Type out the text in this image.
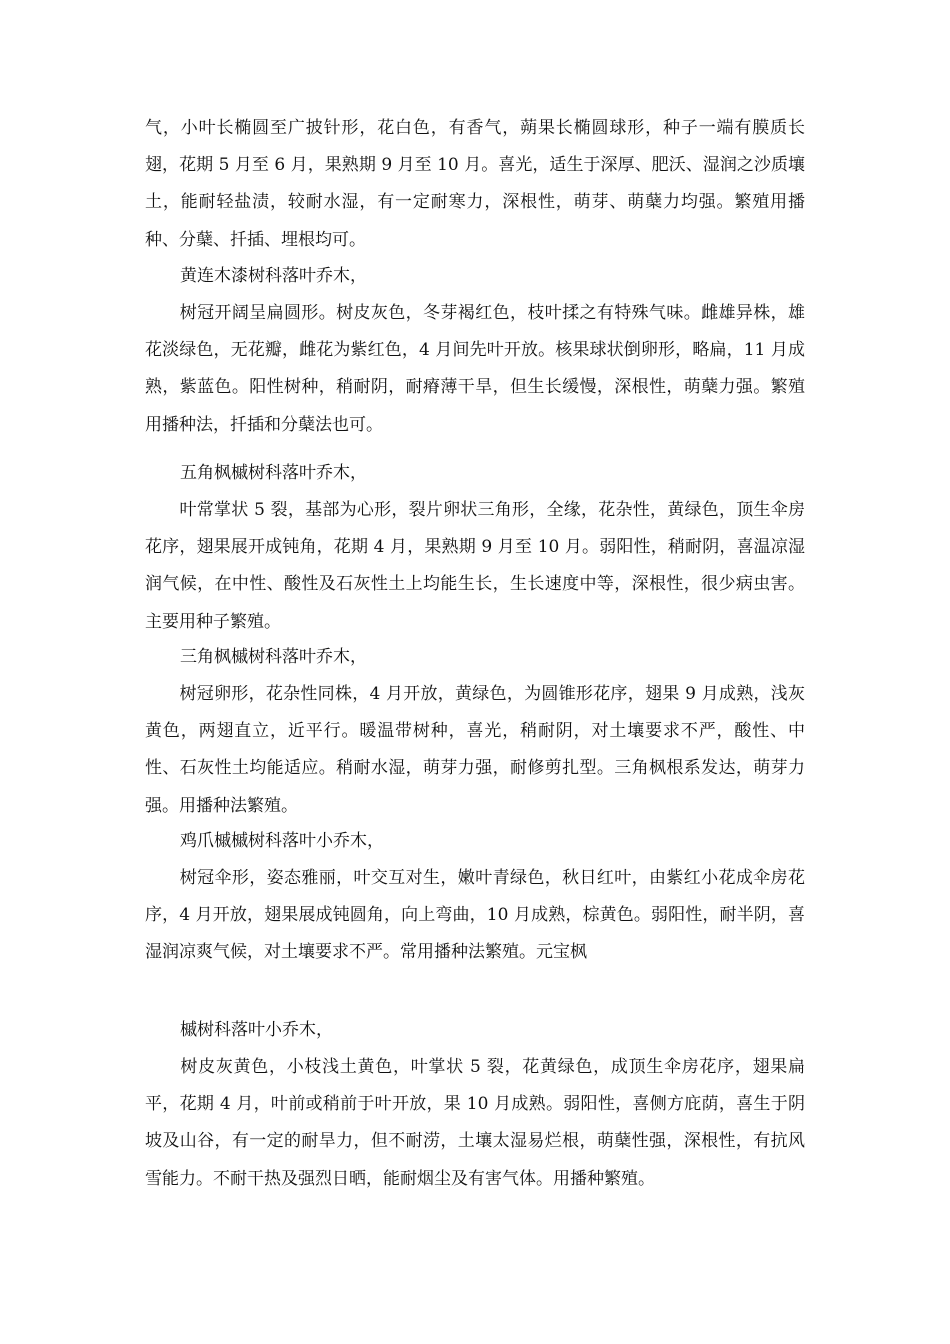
气，小叶长椭圆至广披针形，花白色，有香气，蒴果长椭圆球形，种子一端有膜质长翅，花期 5 月至 6 月，果熟期 9 月至 10 月。喜光，适生于深厚、肥沃、湿润之沙质壤土，能耐轻盐渍，较耐水湿，有一定耐寒力，深根性，萌芽、萌蘖力均强。繁殖用播种、分蘖、扦插、埋根均可。

黄连木漆树科落叶乔木，

　　树冠开阔呈扁圆形。树皮灰色，冬芽褐红色，枝叶揉之有特殊气味。雌雄异株，雄花淡绿色，无花瓣，雌花为紫红色，4 月间先叶开放。核果球状倒卵形，略扁，11 月成熟，紫蓝色。阳性树种，稍耐阴，耐瘠薄干旱，但生长缓慢，深根性，萌蘖力强。繁殖用播种法，扦插和分蘖法也可。

五角枫槭树科落叶乔木，

　　叶常掌状 5 裂，基部为心形，裂片卵状三角形，全缘，花杂性，黄绿色，顶生伞房花序，翅果展开成钝角，花期 4 月，果熟期 9 月至 10 月。弱阳性，稍耐阴，喜温凉湿润气候，在中性、酸性及石灰性土上均能生长，生长速度中等，深根性，很少病虫害。主要用种子繁殖。

三角枫槭树科落叶乔木，

　　树冠卵形，花杂性同株，4 月开放，黄绿色，为圆锥形花序，翅果 9 月成熟，浅灰黄色，两翅直立，近平行。暖温带树种，喜光，稍耐阴，对土壤要求不严，酸性、中性、石灰性土均能适应。稍耐水湿，萌芽力强，耐修剪扎型。三角枫根系发达，萌芽力强。用播种法繁殖。

鸡爪槭槭树科落叶小乔木，

　　树冠伞形，姿态雅丽，叶交互对生，嫩叶青绿色，秋日红叶，由紫红小花成伞房花序，4 月开放，翅果展成钝圆角，向上弯曲，10 月成熟，棕黄色。弱阳性，耐半阴，喜湿润凉爽气候，对土壤要求不严。常用播种法繁殖。元宝枫

槭树科落叶小乔木，

　　树皮灰黄色，小枝浅土黄色，叶掌状 5 裂，花黄绿色，成顶生伞房花序，翅果扁平，花期 4 月，叶前或稍前于叶开放，果 10 月成熟。弱阳性，喜侧方庇荫，喜生于阴坡及山谷，有一定的耐旱力，但不耐涝，土壤太湿易烂根，萌蘖性强，深根性，有抗风雪能力。不耐干热及强烈日晒，能耐烟尘及有害气体。用播种繁殖。
